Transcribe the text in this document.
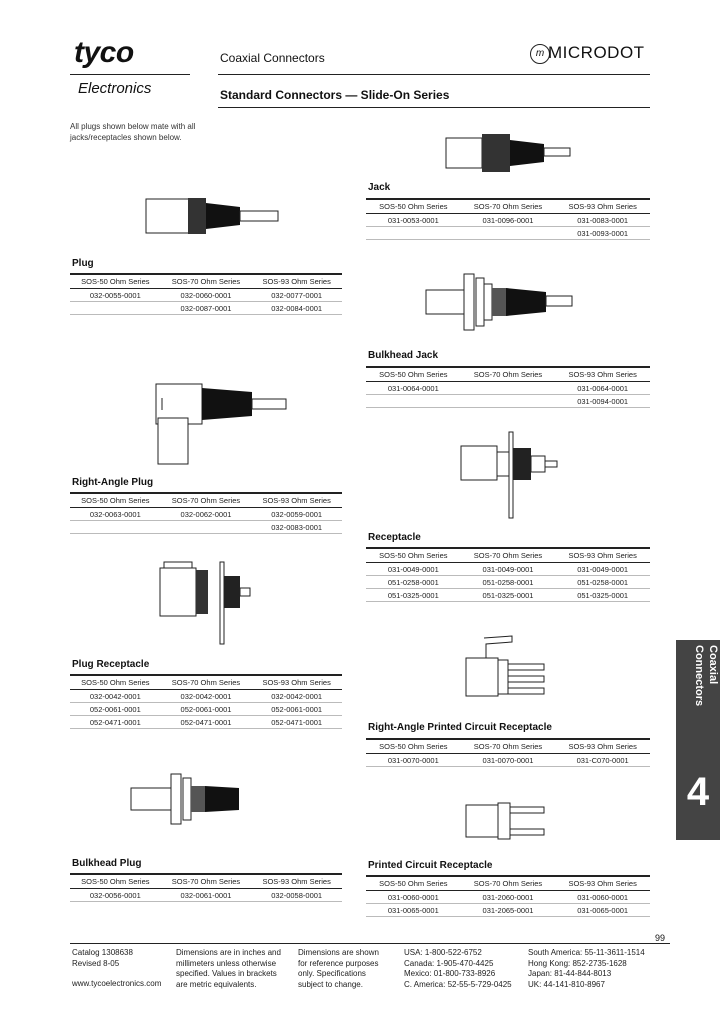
tyco
Electronics
Coaxial Connectors
Standard Connectors — Slide-On Series
m MICRODOT
All plugs shown below mate with all jacks/receptacles shown below.
Plug
SOS-50 Ohm Series	SOS-70 Ohm Series	SOS-93 Ohm Series
032-0055-0001	032-0060-0001	032-0077-0001
	032-0087-0001	032-0084-0001
Right-Angle Plug
SOS-50 Ohm Series	SOS-70 Ohm Series	SOS-93 Ohm Series
032-0063-0001	032-0062-0001	032-0059-0001
		032-0083-0001
Plug Receptacle
SOS-50 Ohm Series	SOS-70 Ohm Series	SOS-93 Ohm Series
032-0042-0001	032-0042-0001	032-0042-0001
052-0061-0001	052-0061-0001	052-0061-0001
052-0471-0001	052-0471-0001	052-0471-0001
Bulkhead Plug
SOS-50 Ohm Series	SOS-70 Ohm Series	SOS-93 Ohm Series
032-0056-0001	032-0061-0001	032-0058-0001
Jack
SOS-50 Ohm Series	SOS-70 Ohm Series	SOS-93 Ohm Series
031-0053-0001	031-0096-0001	031-0083-0001
		031-0093-0001
Bulkhead Jack
SOS-50 Ohm Series	SOS-70 Ohm Series	SOS-93 Ohm Series
031-0064-0001		031-0064-0001
		031-0094-0001
Receptacle
SOS-50 Ohm Series	SOS-70 Ohm Series	SOS-93 Ohm Series
031-0049-0001	031-0049-0001	031-0049-0001
051-0258-0001	051-0258-0001	051-0258-0001
051-0325-0001	051-0325-0001	051-0325-0001
Right-Angle Printed Circuit Receptacle
SOS-50 Ohm Series	SOS-70 Ohm Series	SOS-93 Ohm Series
031-0070-0001	031-0070-0001	031-C070-0001
Printed Circuit Receptacle
SOS-50 Ohm Series	SOS-70 Ohm Series	SOS-93 Ohm Series
031-0060-0001	031-2060-0001	031-0060-0001
031-0065-0001	031-2065-0001	031-0065-0001
Coaxial Connectors
4
99
Catalog 1308638
Revised 8-05
www.tycoelectronics.com
Dimensions are in inches and millimeters unless otherwise specified. Values in brackets are metric equivalents.
Dimensions are shown for reference purposes only. Specifications subject to change.
USA: 1-800-522-6752
Canada: 1-905-470-4425
Mexico: 01-800-733-8926
C. America: 52-55-5-729-0425
South America: 55-11-3611-1514
Hong Kong: 852-2735-1628
Japan: 81-44-844-8013
UK: 44-141-810-8967
